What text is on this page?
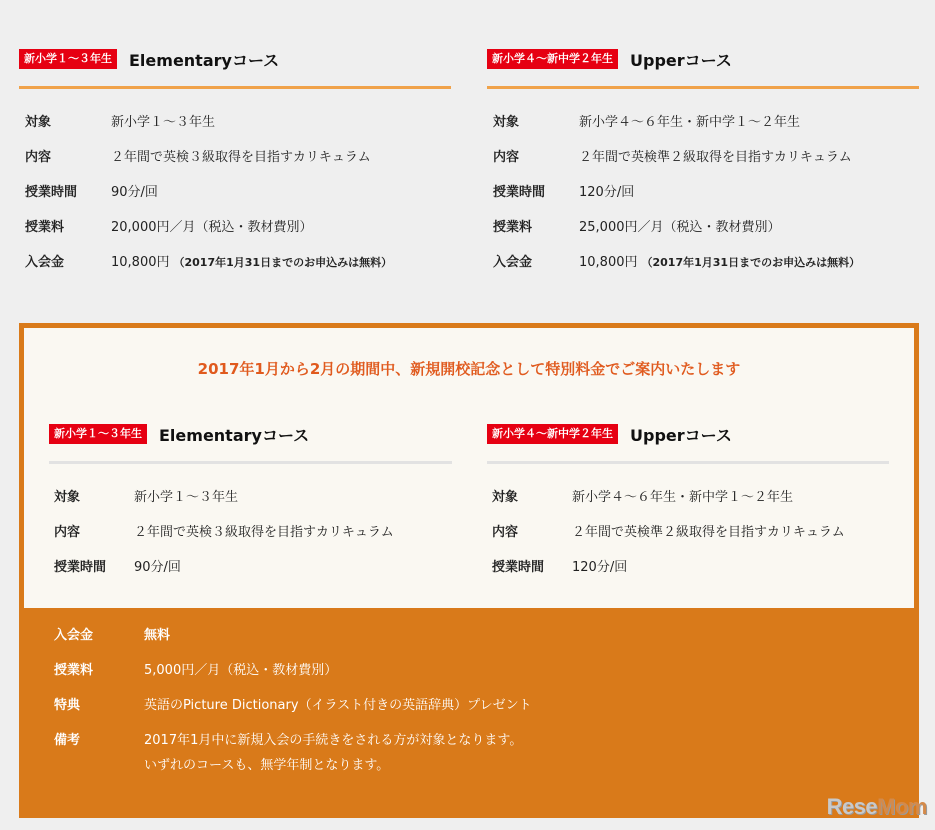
新小学１～３年生	Elementaryコース
対象	新小学１～３年生
内容	２年間で英検３級取得を目指すカリキュラム
授業時間	90分/回
授業料	20,000円／月（税込・教材費別）
入会金	10,800円 （2017年1月31日までのお申込みは無料）
新小学４～新中学２年生	Upperコース
対象	新小学４～６年生・新中学１～２年生
内容	２年間で英検準２級取得を目指すカリキュラム
授業時間	120分/回
授業料	25,000円／月（税込・教材費別）
入会金	10,800円 （2017年1月31日までのお申込みは無料）
2017年1月から2月の期間中、新規開校記念として特別料金でご案内いたします
新小学１～３年生	Elementaryコース
対象	新小学１～３年生
内容	２年間で英検３級取得を目指すカリキュラム
授業時間	90分/回
新小学４～新中学２年生	Upperコース
対象	新小学４～６年生・新中学１～２年生
内容	２年間で英検準２級取得を目指すカリキュラム
授業時間	120分/回
入会金	無料
授業料	5,000円／月（税込・教材費別）
特典	英語のPicture Dictionary（イラスト付きの英語辞典）プレゼント
備考	2017年1月中に新規入会の手続きをされる方が対象となります。
いずれのコースも、無学年制となります。
ReseMom
